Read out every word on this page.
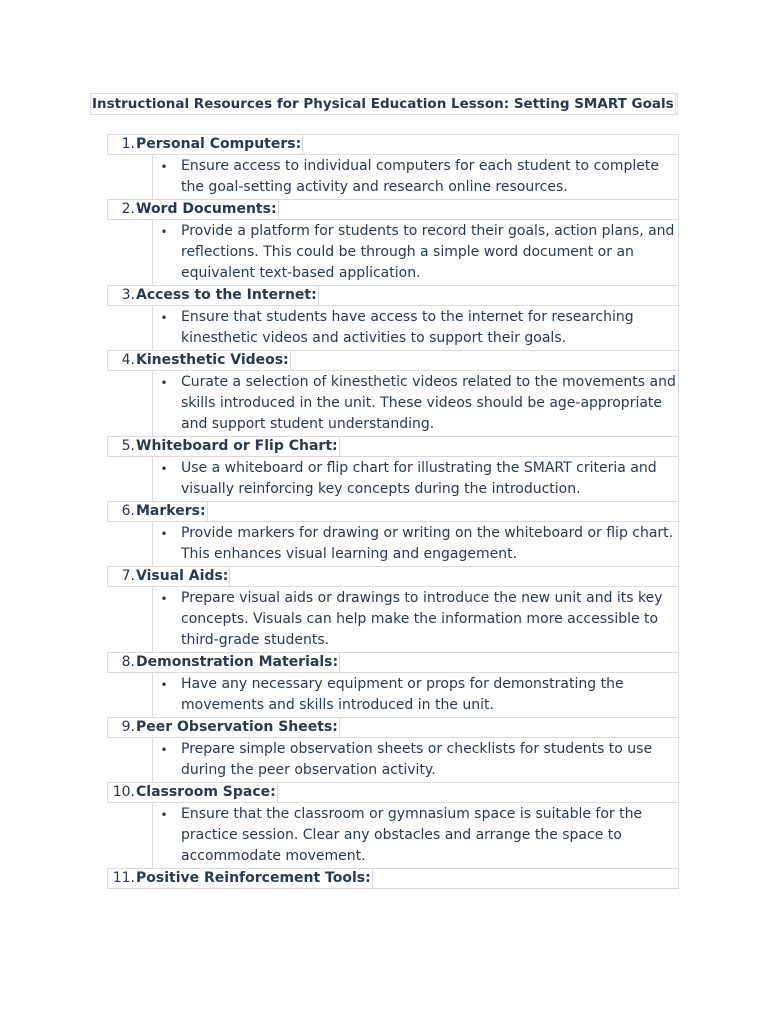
Instructional Resources for Physical Education Lesson: Setting SMART Goals
1. Personal Computers:
• Ensure access to individual computers for each student to complete the goal-setting activity and research online resources.
2. Word Documents:
• Provide a platform for students to record their goals, action plans, and reflections. This could be through a simple word document or an equivalent text-based application.
3. Access to the Internet:
• Ensure that students have access to the internet for researching kinesthetic videos and activities to support their goals.
4. Kinesthetic Videos:
• Curate a selection of kinesthetic videos related to the movements and skills introduced in the unit. These videos should be age-appropriate and support student understanding.
5. Whiteboard or Flip Chart:
• Use a whiteboard or flip chart for illustrating the SMART criteria and visually reinforcing key concepts during the introduction.
6. Markers:
• Provide markers for drawing or writing on the whiteboard or flip chart. This enhances visual learning and engagement.
7. Visual Aids:
• Prepare visual aids or drawings to introduce the new unit and its key concepts. Visuals can help make the information more accessible to third-grade students.
8. Demonstration Materials:
• Have any necessary equipment or props for demonstrating the movements and skills introduced in the unit.
9. Peer Observation Sheets:
• Prepare simple observation sheets or checklists for students to use during the peer observation activity.
10. Classroom Space:
• Ensure that the classroom or gymnasium space is suitable for the practice session. Clear any obstacles and arrange the space to accommodate movement.
11. Positive Reinforcement Tools:
